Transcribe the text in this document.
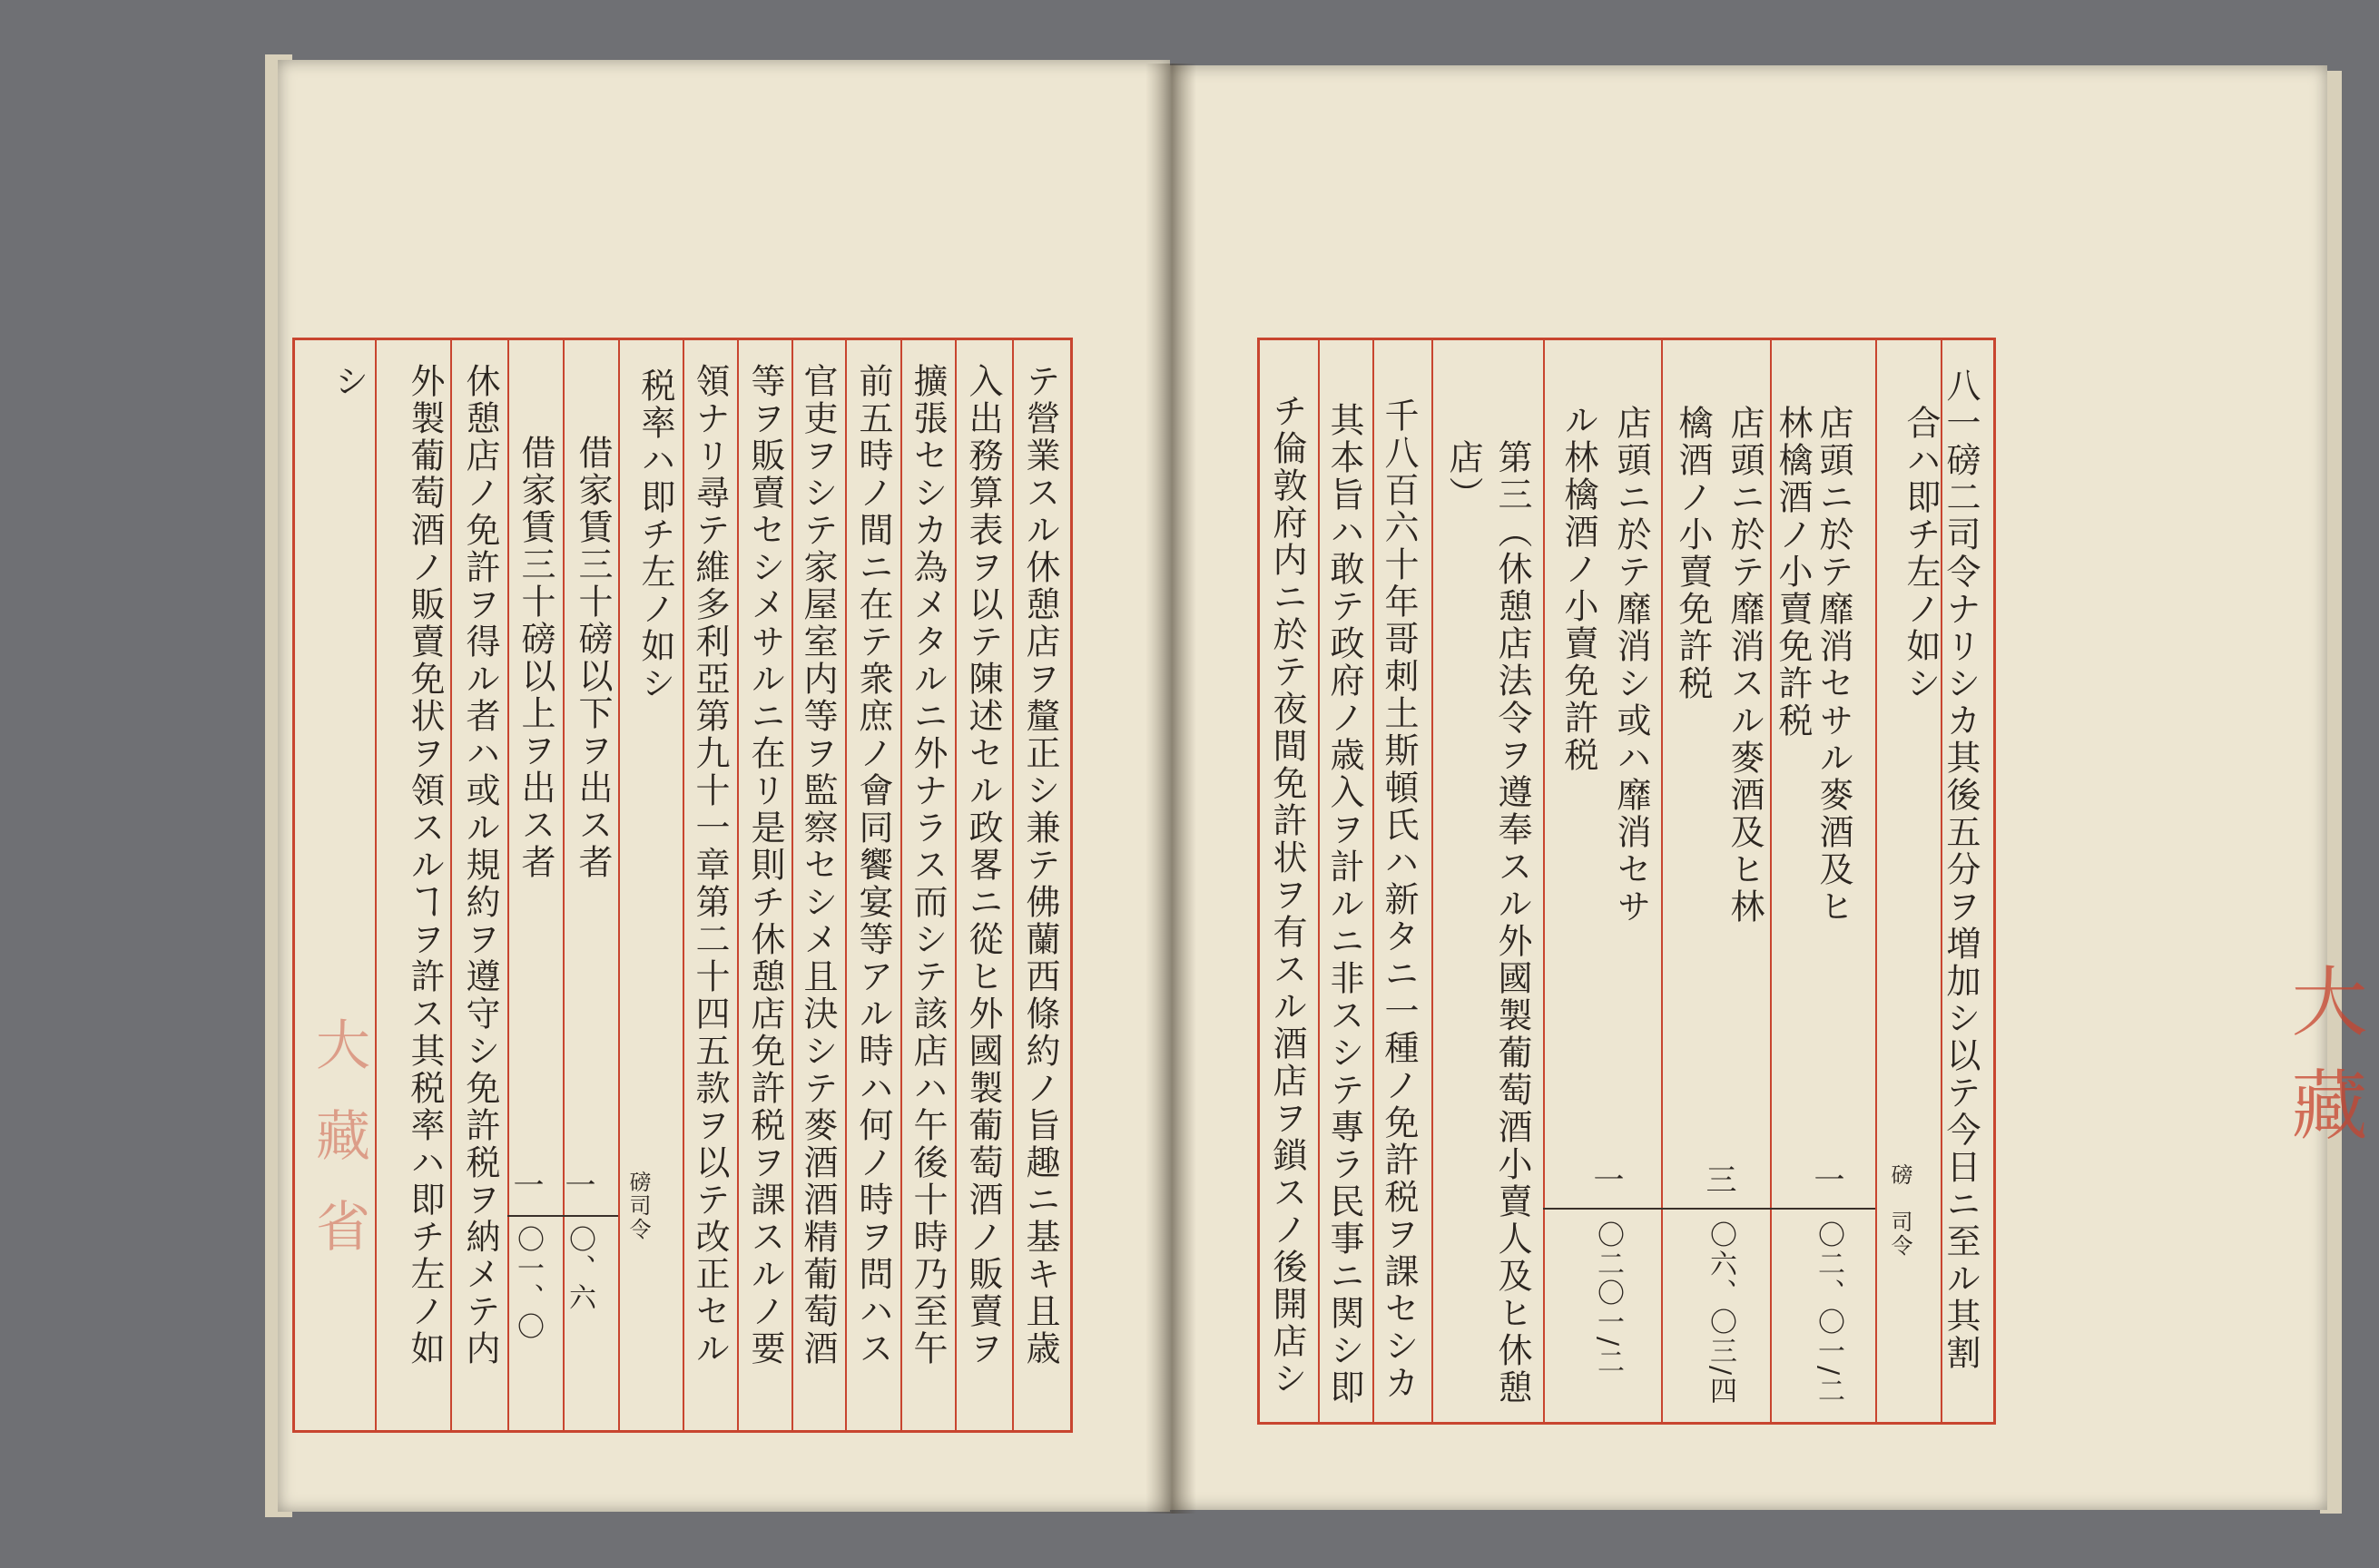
八一磅二司令ナリシカ其後五分ヲ増加シ以テ今日ニ至ル其割
合ハ即チ左ノ如シ
店頭ニ於テ靡消セサル麥酒及ヒ
林檎酒ノ小賣免許税
店頭ニ於テ靡消スル麥酒及ヒ林
檎酒ノ小賣免許税
店頭ニ於テ靡消シ或ハ靡消セサ
ル林檎酒ノ小賣免許税
第三（休憩店法令ヲ遵奉スル外國製葡萄酒小賣人及ヒ休憩
店）
千八百六十年哥刺土斯頓氏ハ新タニ一種ノ免許税ヲ課セシカ
其本旨ハ敢テ政府ノ歳入ヲ計ルニ非スシテ專ラ民事ニ関シ即
チ倫敦府内ニ於テ夜間免許状ヲ有スル酒店ヲ鎖スノ後開店シ	磅　司令
一
〇二、〇一/二
三
〇六、〇三/四
一
〇二〇一/二
大藏
テ營業スル休憩店ヲ釐正シ兼テ佛蘭西條約ノ旨趣ニ基キ且歳
入出務算表ヲ以テ陳述セル政畧ニ從ヒ外國製葡萄酒ノ販賣ヲ
擴張セシカ為メタルニ外ナラス而シテ該店ハ午後十時乃至午
前五時ノ間ニ在テ衆庶ノ會同饗宴等アル時ハ何ノ時ヲ問ハス
官吏ヲシテ家屋室内等ヲ監察セシメ且決シテ麥酒酒精葡萄酒
等ヲ販賣セシメサルニ在リ是則チ休憩店免許税ヲ課スルノ要
領ナリ尋テ維多利亞第九十一章第二十四五款ヲ以テ改正セル
税率ハ即チ左ノ如シ
借家賃三十磅以下ヲ出ス者
借家賃三十磅以上ヲ出ス者
休憩店ノ免許ヲ得ル者ハ或ル規約ヲ遵守シ免許税ヲ納メテ内
外製葡萄酒ノ販賣免状ヲ領スルヿヲ許ス其税率ハ即チ左ノ如
シ
磅司令
一
〇、六
一
〇一、〇
大藏省
